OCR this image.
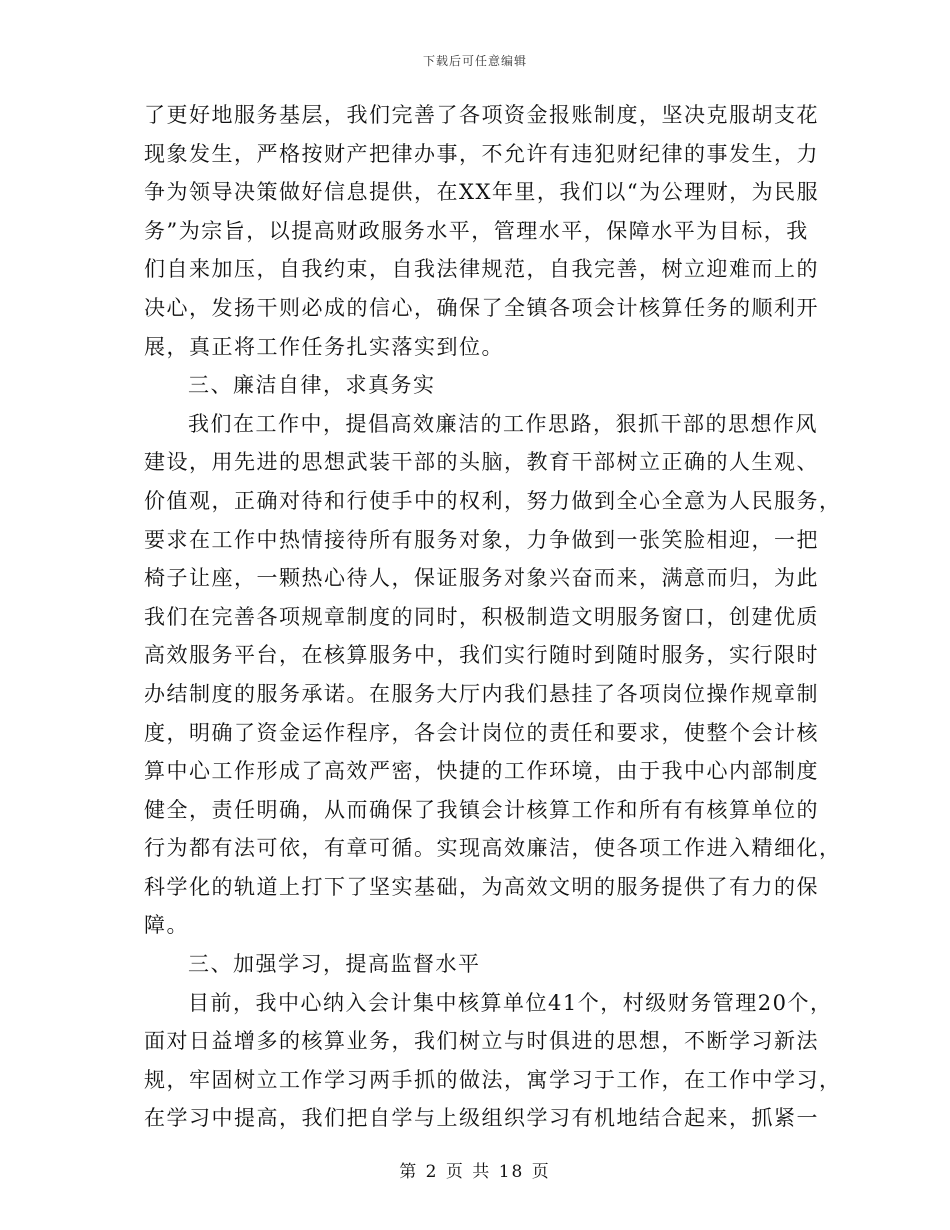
下载后可任意编辑

了更好地服务基层，我们完善了各项资金报账制度，坚决克服胡支花
现象发生，严格按财产把律办事，不允许有违犯财纪律的事发生，力
争为领导决策做好信息提供，在XX年里，我们以“为公理财，为民服
务”为宗旨，以提高财政服务水平，管理水平，保障水平为目标，我
们自来加压，自我约束，自我法律规范，自我完善，树立迎难而上的
决心，发扬干则必成的信心，确保了全镇各项会计核算任务的顺利开
展，真正将工作任务扎实落实到位。

三、廉洁自律，求真务实

我们在工作中，提倡高效廉洁的工作思路，狠抓干部的思想作风
建设，用先进的思想武装干部的头脑，教育干部树立正确的人生观、
价值观，正确对待和行使手中的权利，努力做到全心全意为人民服务，
要求在工作中热情接待所有服务对象，力争做到一张笑脸相迎，一把
椅子让座，一颗热心待人，保证服务对象兴奋而来，满意而归，为此
我们在完善各项规章制度的同时，积极制造文明服务窗口，创建优质
高效服务平台，在核算服务中，我们实行随时到随时服务，实行限时
办结制度的服务承诺。在服务大厅内我们悬挂了各项岗位操作规章制
度，明确了资金运作程序，各会计岗位的责任和要求，使整个会计核
算中心工作形成了高效严密，快捷的工作环境，由于我中心内部制度
健全，责任明确，从而确保了我镇会计核算工作和所有有核算单位的
行为都有法可依，有章可循。实现高效廉洁，使各项工作进入精细化，
科学化的轨道上打下了坚实基础，为高效文明的服务提供了有力的保
障。

三、加强学习，提高监督水平

目前，我中心纳入会计集中核算单位41个，村级财务管理20个，
面对日益增多的核算业务，我们树立与时俱进的思想，不断学习新法
规，牢固树立工作学习两手抓的做法，寓学习于工作，在工作中学习，
在学习中提高，我们把自学与上级组织学习有机地结合起来，抓紧一

第 2 页 共 18 页
